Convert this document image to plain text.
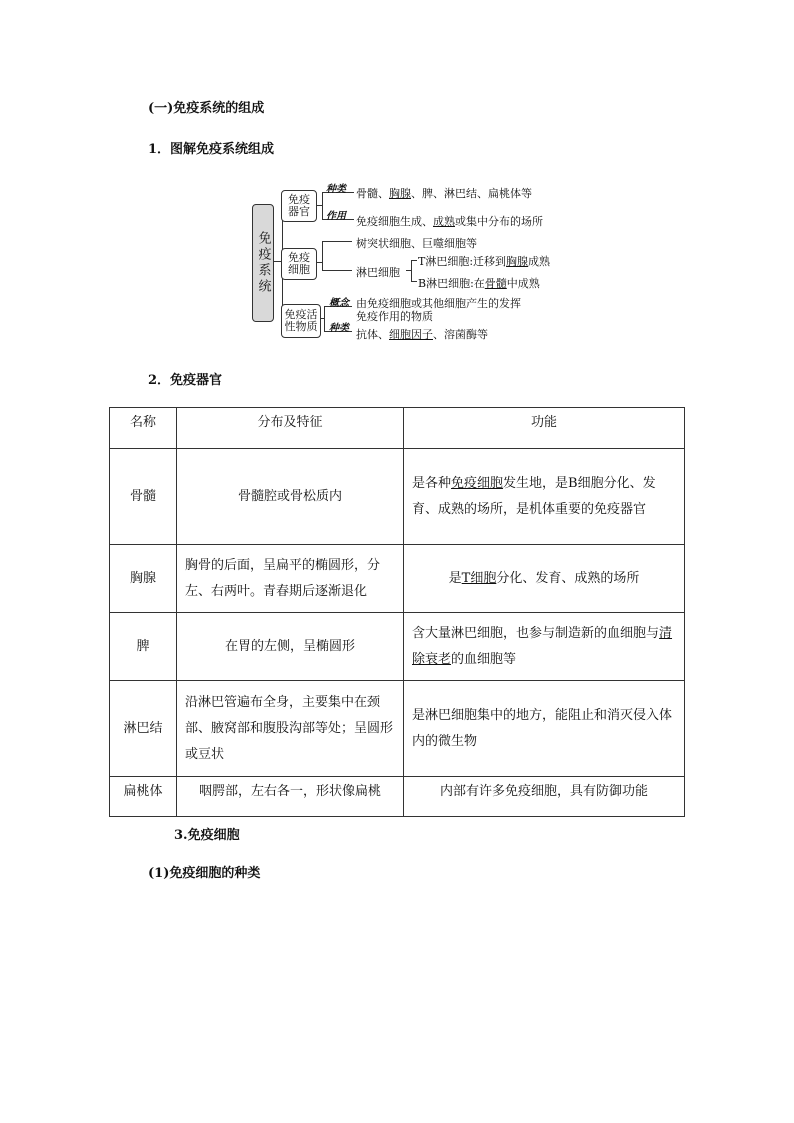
(一)免疫系统的组成
1．图解免疫系统组成
免疫系统
免疫器官
免疫细胞
免疫活性物质
种类
作用
骨髓、胸腺、脾、淋巴结、扁桃体等
免疫细胞生成、成熟或集中分布的场所
树突状细胞、巨噬细胞等
淋巴细胞
T淋巴细胞:迁移到胸腺成熟
B淋巴细胞:在骨髓中成熟
概念
种类
由免疫细胞或其他细胞产生的发挥
免疫作用的物质
抗体、细胞因子、溶菌酶等
2．免疫器官
名称	分布及特征	功能
骨髓	骨髓腔或骨松质内	是各种免疫细胞发生地，是B细胞分化、发育、成熟的场所，是机体重要的免疫器官
胸腺	胸骨的后面，呈扁平的椭圆形，分左、右两叶。青春期后逐渐退化	是T细胞分化、发育、成熟的场所
脾	在胃的左侧，呈椭圆形	含大量淋巴细胞，也参与制造新的血细胞与清除衰老的血细胞等
淋巴结	沿淋巴管遍布全身，主要集中在颈部、腋窝部和腹股沟部等处；呈圆形或豆状	是淋巴细胞集中的地方，能阻止和消灭侵入体内的微生物
扁桃体	咽腭部，左右各一，形状像扁桃	内部有许多免疫细胞，具有防御功能
3.免疫细胞
(1)免疫细胞的种类
